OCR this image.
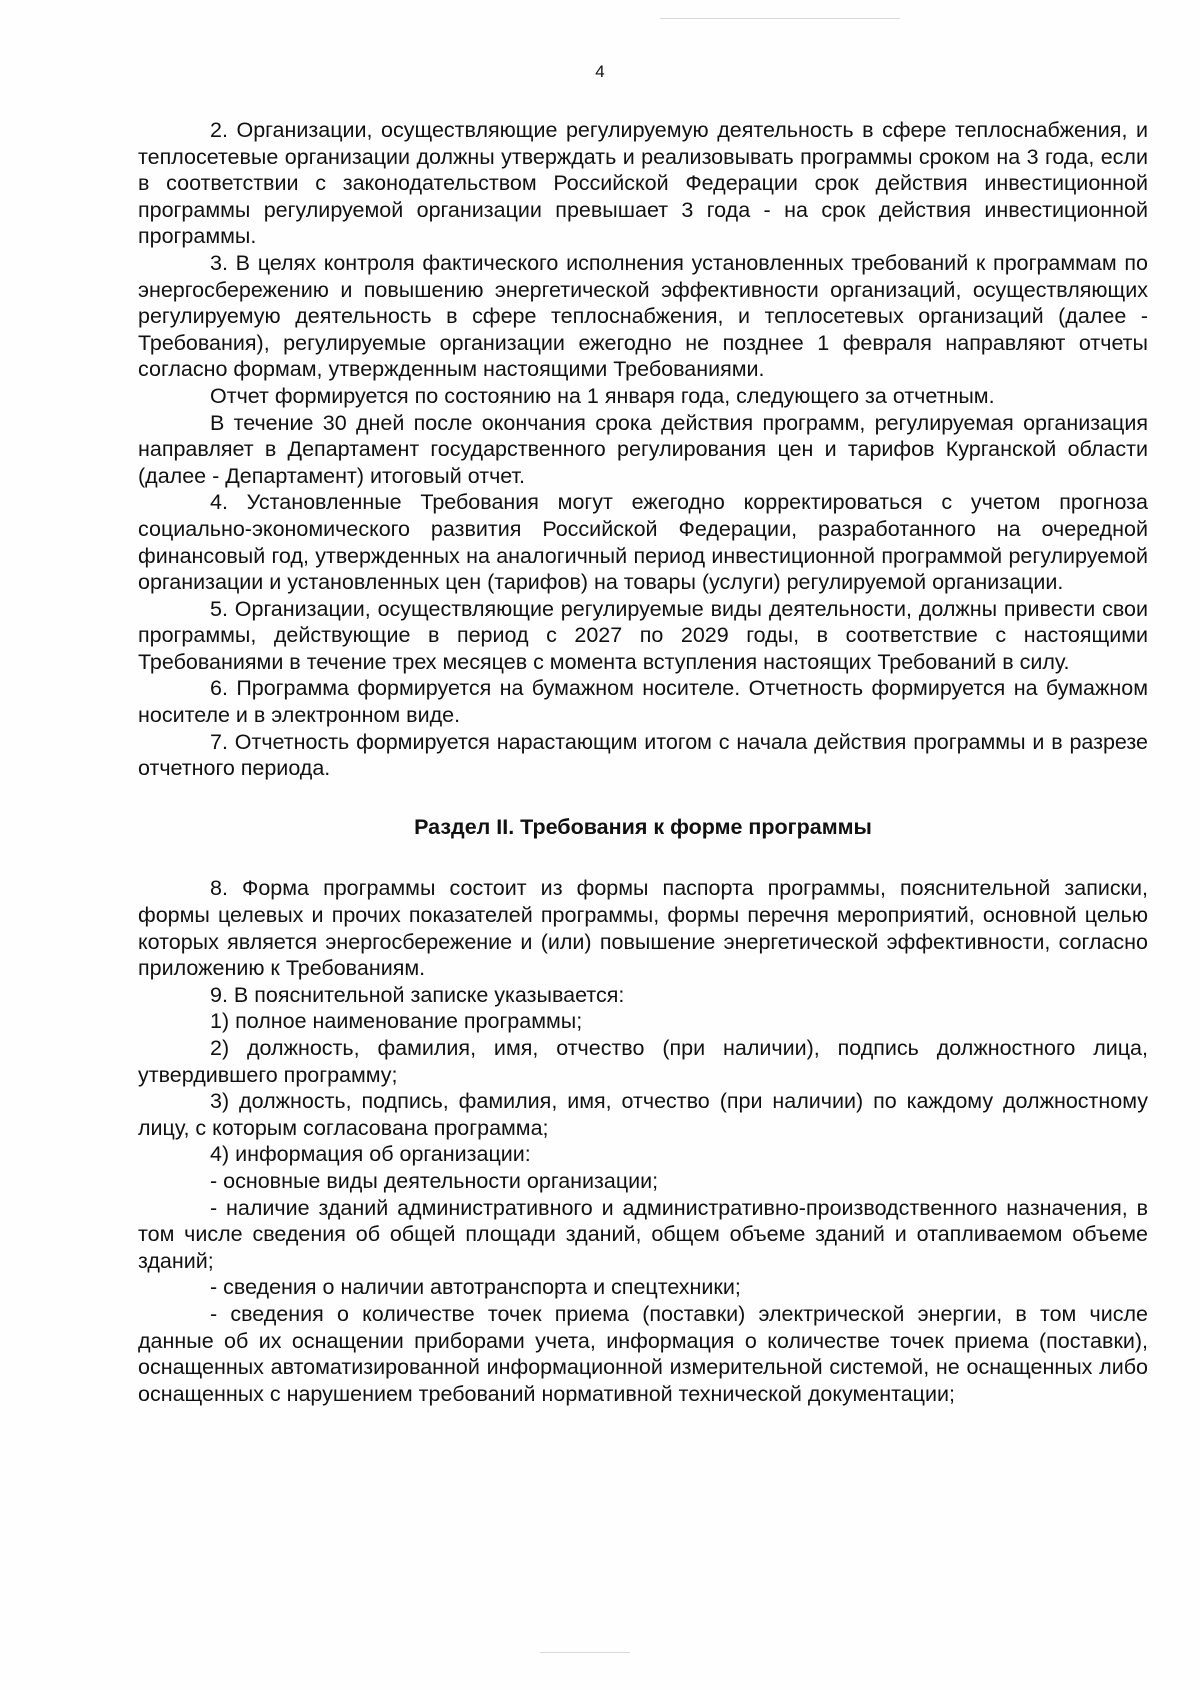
4

2. Организации, осуществляющие регулируемую деятельность в сфере теплоснабжения, и теплосетевые организации должны утверждать и реализовывать программы сроком на 3 года, если в соответствии с законодательством Российской Федерации срок действия инвестиционной программы регулируемой организации превышает 3 года - на срок действия инвестиционной программы.

3. В целях контроля фактического исполнения установленных требований к программам по энергосбережению и повышению энергетической эффективности организаций, осуществляющих регулируемую деятельность в сфере теплоснабжения, и теплосетевых организаций (далее - Требования), регулируемые организации ежегодно не позднее 1 февраля направляют отчеты согласно формам, утвержденным настоящими Требованиями.

Отчет формируется по состоянию на 1 января года, следующего за отчетным.

В течение 30 дней после окончания срока действия программ, регулируемая организация направляет в Департамент государственного регулирования цен и тарифов Курганской области (далее - Департамент) итоговый отчет.

4. Установленные Требования могут ежегодно корректироваться с учетом прогноза социально-экономического развития Российской Федерации, разработанного на очередной финансовый год, утвержденных на аналогичный период инвестиционной программой регулируемой организации и установленных цен (тарифов) на товары (услуги) регулируемой организации.

5. Организации, осуществляющие регулируемые виды деятельности, должны привести свои программы, действующие в период с 2027 по 2029 годы, в соответствие с настоящими Требованиями в течение трех месяцев с момента вступления настоящих Требований в силу.

6. Программа формируется на бумажном носителе. Отчетность формируется на бумажном носителе и в электронном виде.

7. Отчетность формируется нарастающим итогом с начала действия программы и в разрезе отчетного периода.

Раздел II. Требования к форме программы

8. Форма программы состоит из формы паспорта программы, пояснительной записки, формы целевых и прочих показателей программы, формы перечня мероприятий, основной целью которых является энергосбережение и (или) повышение энергетической эффективности, согласно приложению к Требованиям.

9. В пояснительной записке указывается:

1) полное наименование программы;

2) должность, фамилия, имя, отчество (при наличии), подпись должностного лица, утвердившего программу;

3) должность, подпись, фамилия, имя, отчество (при наличии) по каждому должностному лицу, с которым согласована программа;

4) информация об организации:

- основные виды деятельности организации;

- наличие зданий административного и административно-производственного назначения, в том числе сведения об общей площади зданий, общем объеме зданий и отапливаемом объеме зданий;

- сведения о наличии автотранспорта и спецтехники;

- сведения о количестве точек приема (поставки) электрической энергии, в том числе данные об их оснащении приборами учета, информация о количестве точек приема (поставки), оснащенных автоматизированной информационной измерительной системой, не оснащенных либо оснащенных с нарушением требований нормативной технической документации;
